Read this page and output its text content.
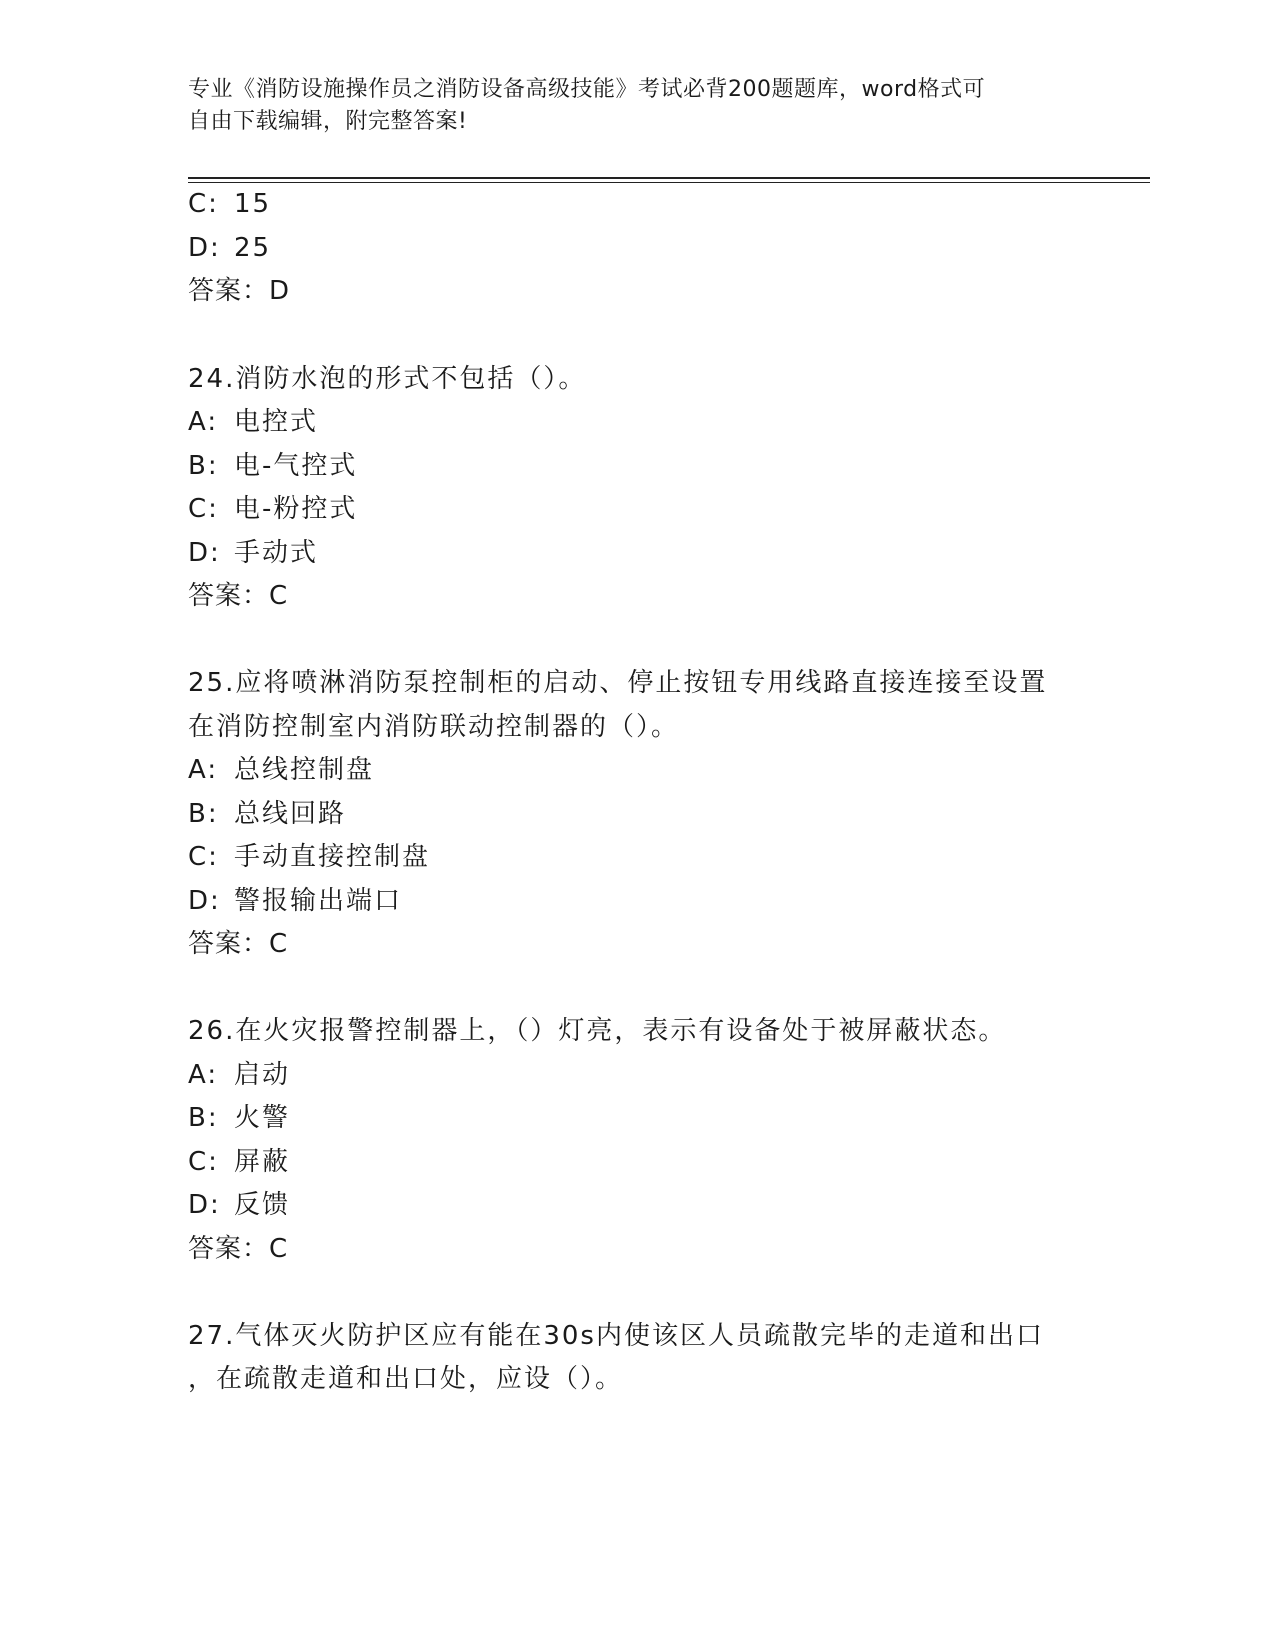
专业《消防设施操作员之消防设备高级技能》考试必背200题题库，word格式可
自由下载编辑，附完整答案!
C: 15
D: 25
答案：D
24.消防水泡的形式不包括（）。
A: 电控式
B: 电-气控式
C: 电-粉控式
D: 手动式
答案：C
25.应将喷淋消防泵控制柜的启动、停止按钮专用线路直接连接至设置
在消防控制室内消防联动控制器的（）。
A: 总线控制盘
B: 总线回路
C: 手动直接控制盘
D: 警报输出端口
答案：C
26.在火灾报警控制器上，（）灯亮，表示有设备处于被屏蔽状态。
A: 启动
B: 火警
C: 屏蔽
D: 反馈
答案：C
27.气体灭火防护区应有能在30s内使该区人员疏散完毕的走道和出口
，在疏散走道和出口处，应设（）。
